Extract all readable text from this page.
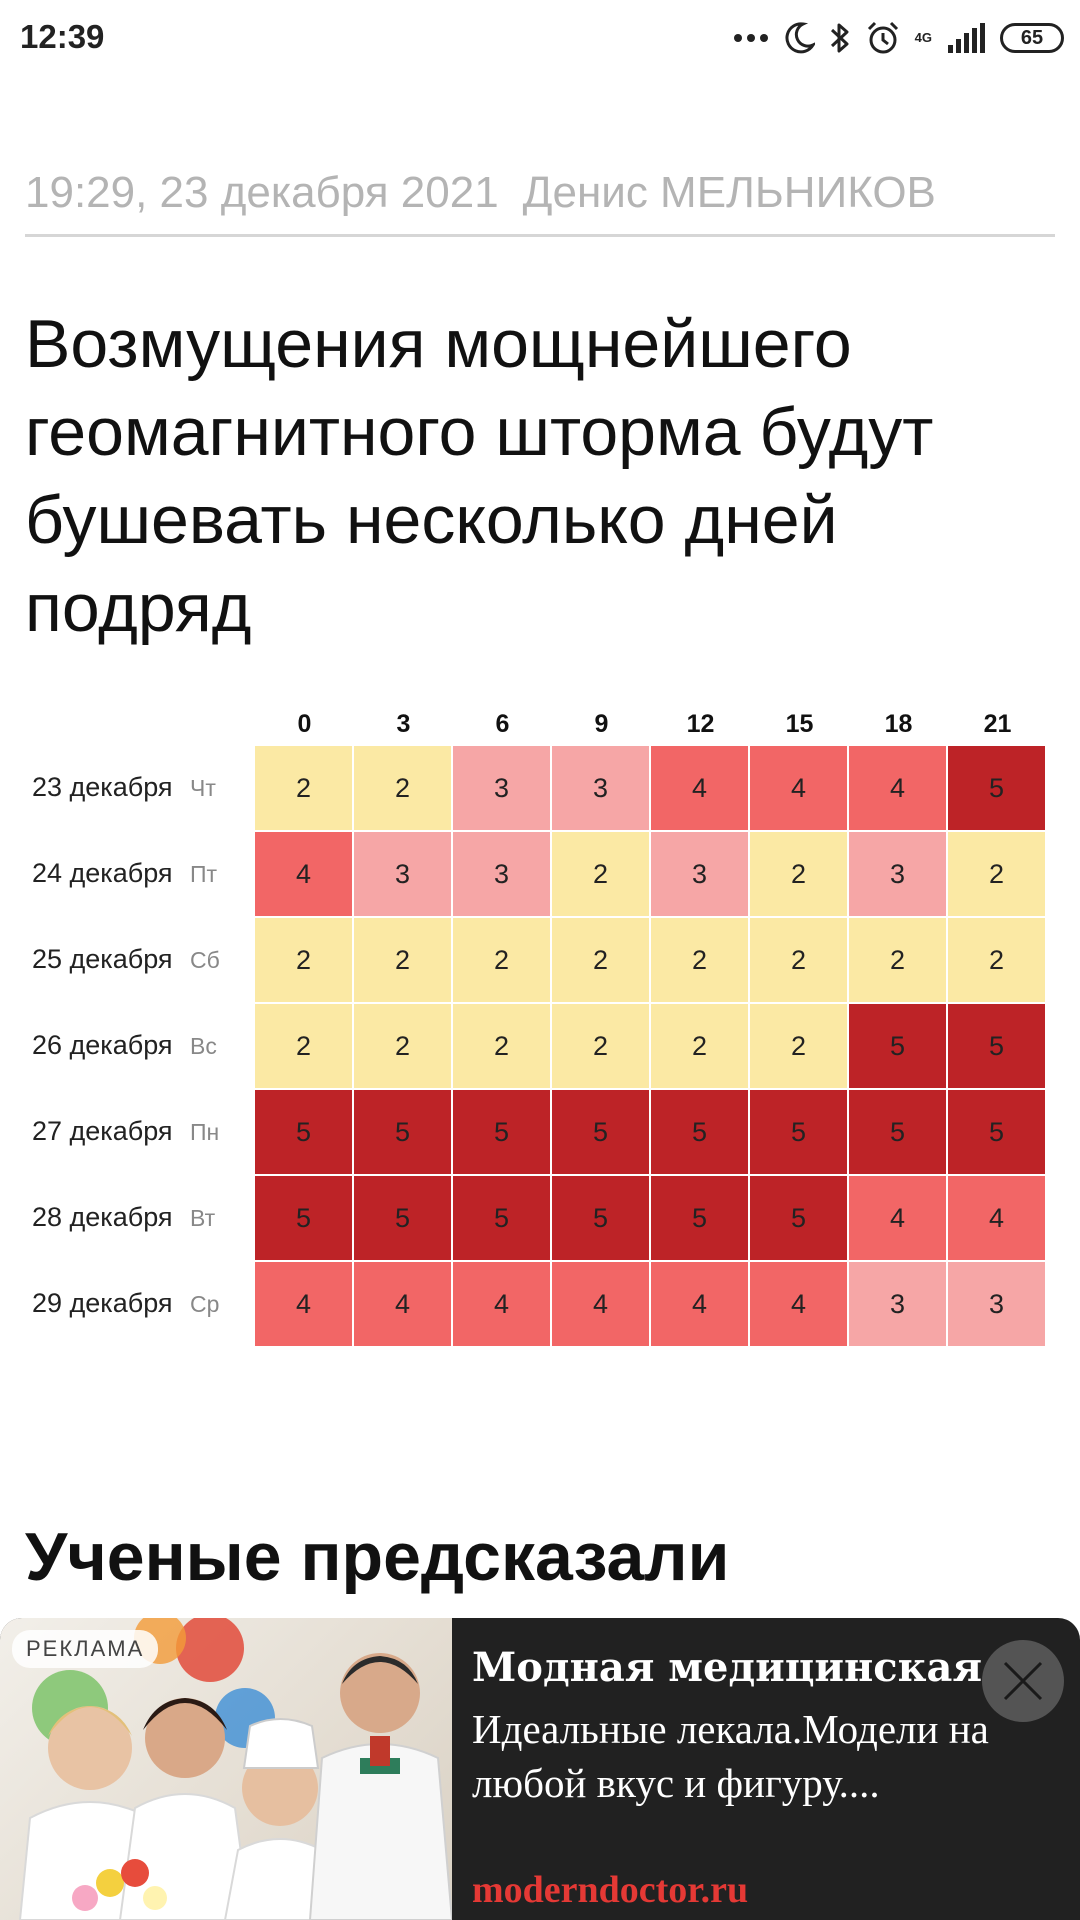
12:39	4G	65
19:29, 23 декабря 2021 Денис МЕЛЬНИКОВ
Возмущения мощнейшего геомагнитного шторма будут бушевать несколько дней подряд
0	3	6	9	12	15	18	21
23 декабря Чт	2	2	3	3	4	4	4	5
24 декабря Пт	4	3	3	2	3	2	3	2
25 декабря Сб	2	2	2	2	2	2	2	2
26 декабря Вс	2	2	2	2	2	2	5	5
27 декабря Пн	5	5	5	5	5	5	5	5
28 декабря Вт	5	5	5	5	5	5	4	4
29 декабря Ср	4	4	4	4	4	4	3	3
Ученые предсказали
РЕКЛАМА	Модная медицинская
Идеальные лекала.Модели на любой вкус и фигуру....
moderndoctor.ru
